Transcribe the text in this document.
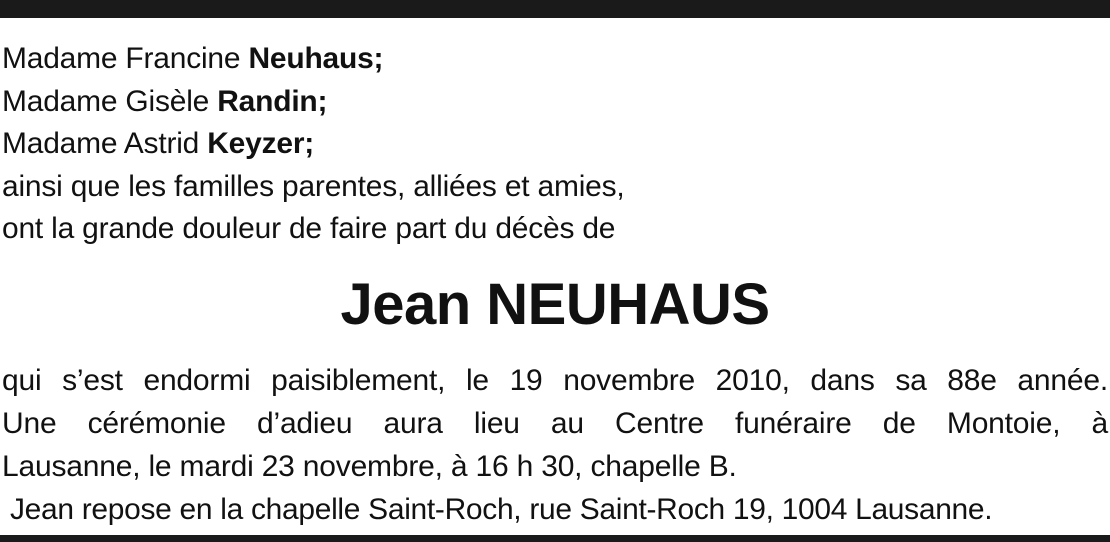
Madame Francine Neuhaus;
Madame Gisèle Randin;
Madame Astrid Keyzer;
ainsi que les familles parentes, alliées et amies,
ont la grande douleur de faire part du décès de
Jean NEUHAUS
qui s’est endormi paisiblement, le 19 novembre 2010, dans sa 88e année.
Une cérémonie d’adieu aura lieu au Centre funéraire de Montoie, à
Lausanne, le mardi 23 novembre, à 16 h 30, chapelle B.
Jean repose en la chapelle Saint-Roch, rue Saint-Roch 19, 1004 Lausanne.
